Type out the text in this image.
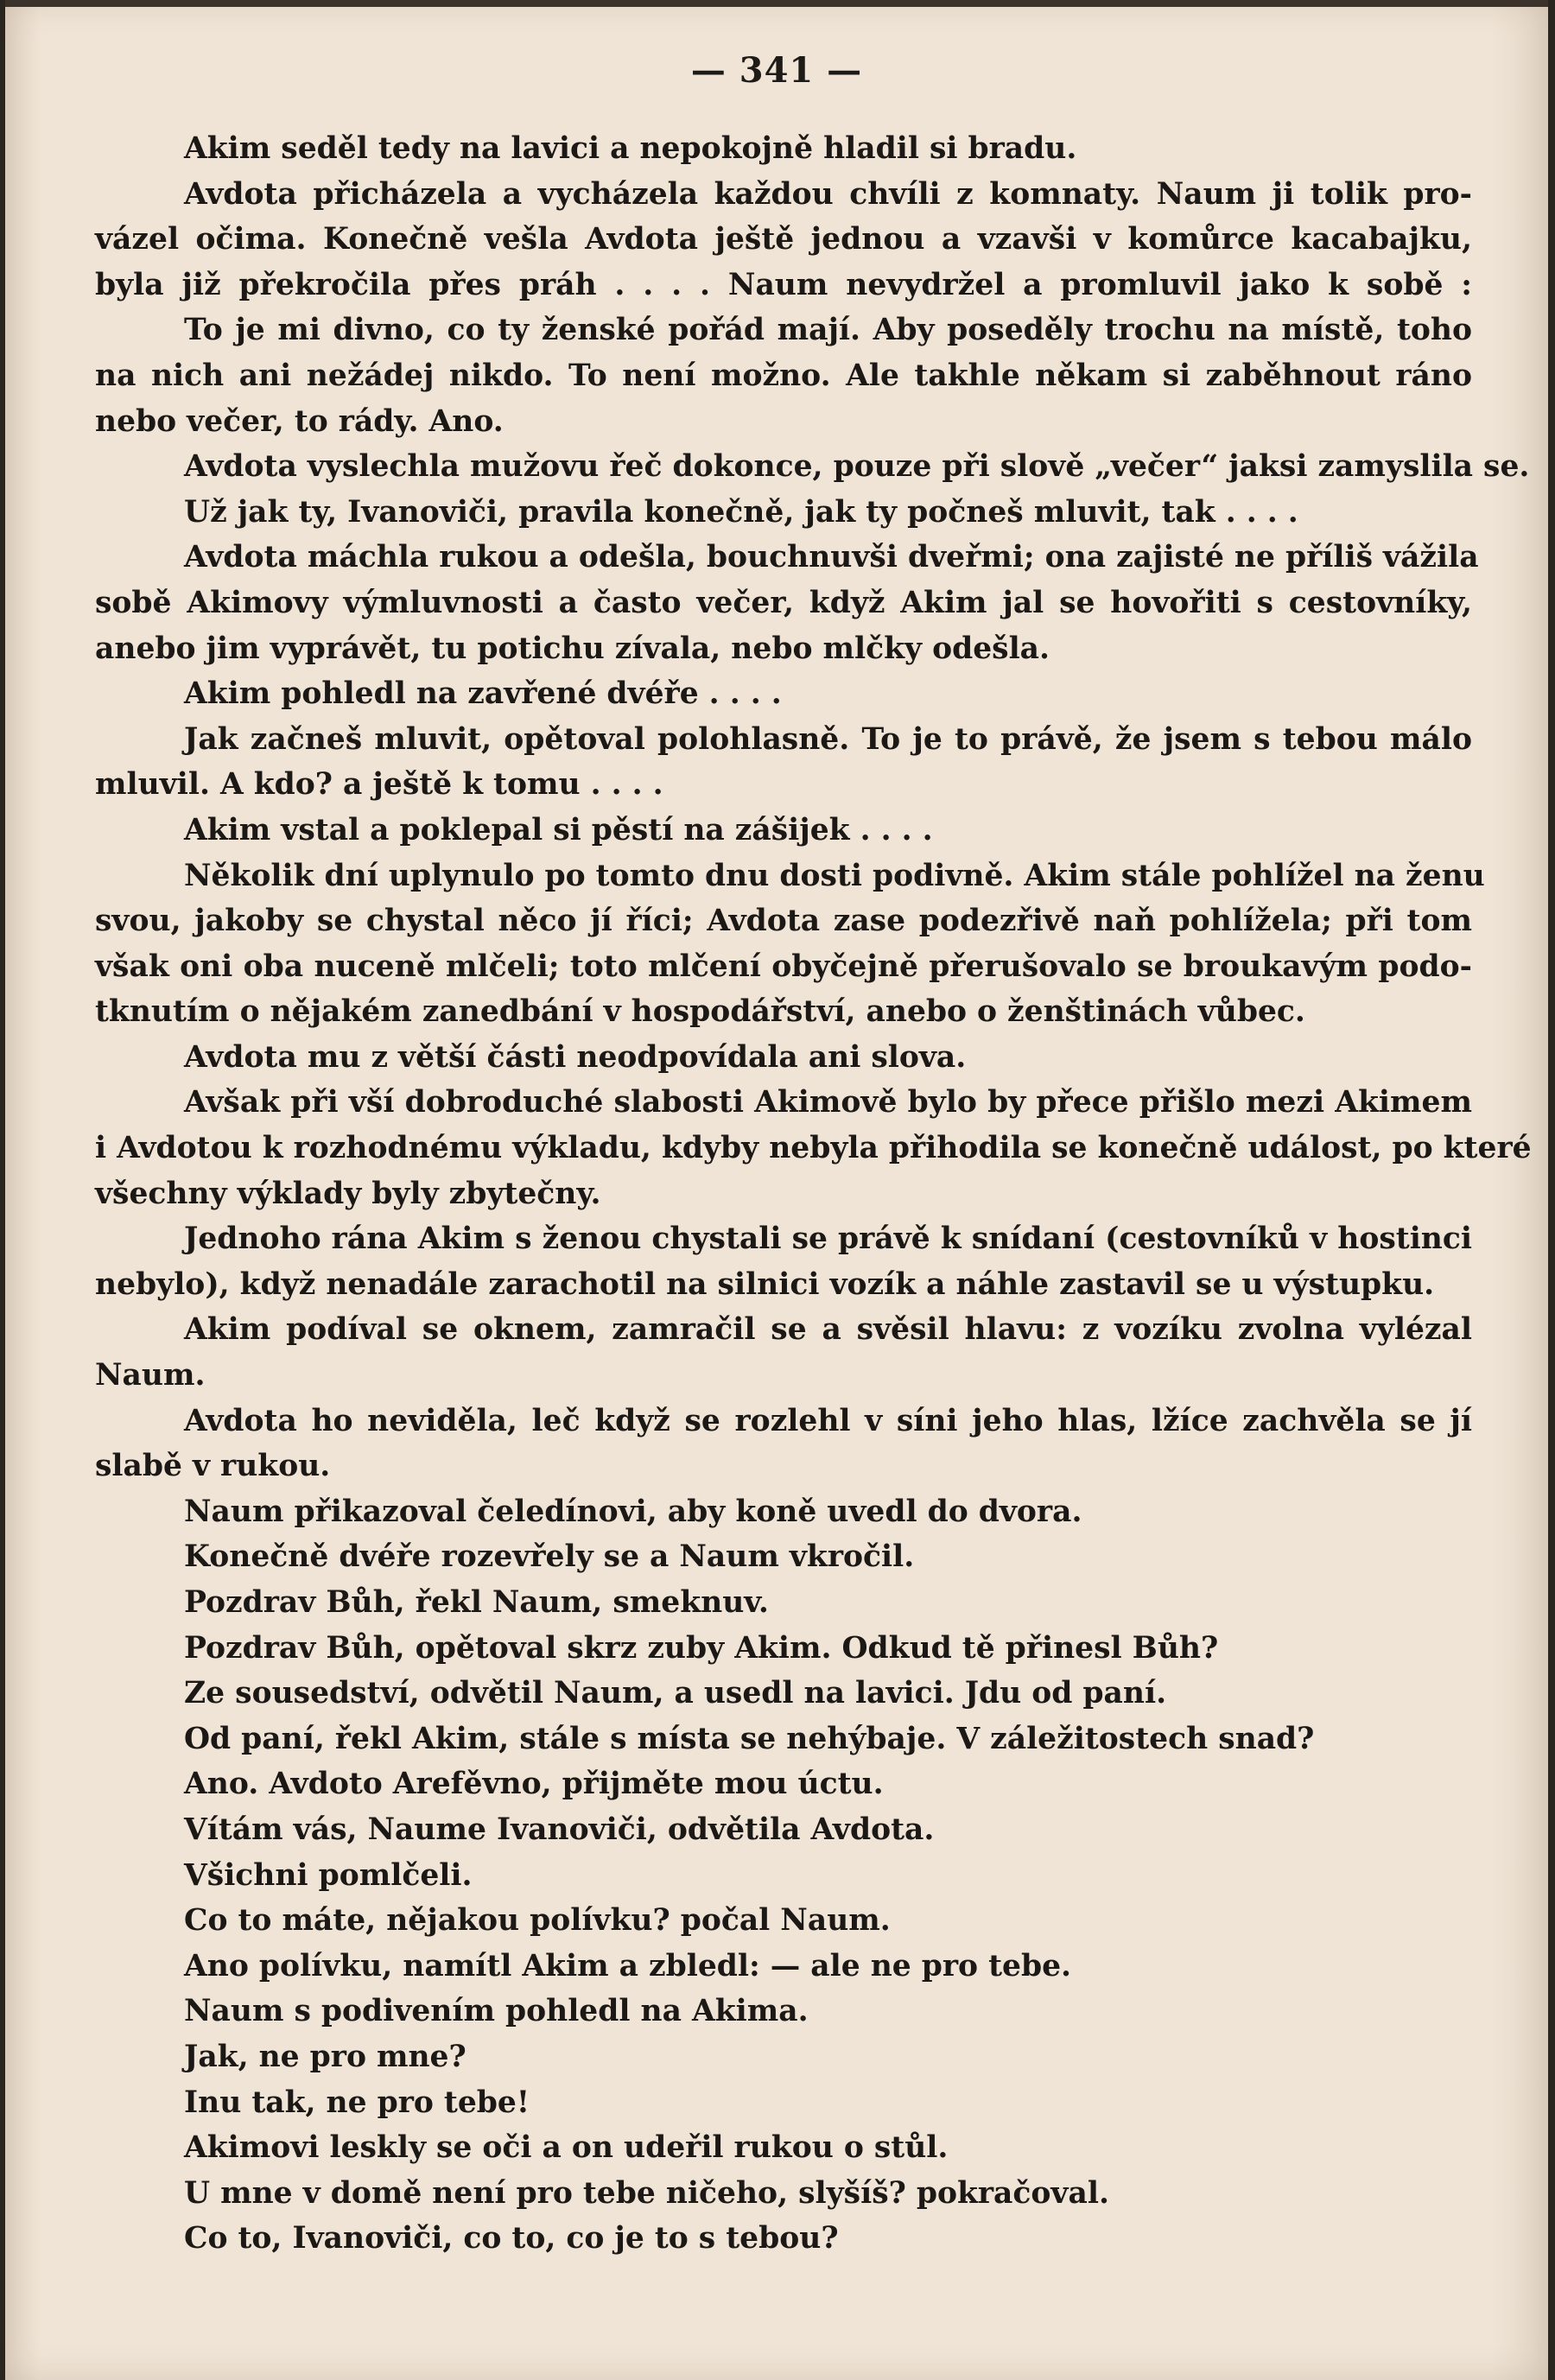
— 341 —
Akim seděl tedy na lavici a nepokojně hladil si bradu.
Avdota přicházela a vycházela každou chvíli z komnaty. Naum ji tolik pro-
vázel očima. Konečně vešla Avdota ještě jednou a vzavši v komůrce kacabajku,
byla již překročila přes práh . . . . Naum nevydržel a promluvil jako k sobě :
To je mi divno, co ty ženské pořád mají. Aby poseděly trochu na místě, toho
na nich ani nežádej nikdo. To není možno. Ale takhle někam si zaběhnout ráno
nebo večer, to rády. Ano.
Avdota vyslechla mužovu řeč dokonce, pouze při slově „večer“ jaksi zamyslila se.
Už jak ty, Ivanoviči, pravila konečně, jak ty počneš mluvit, tak . . . .
Avdota máchla rukou a odešla, bouchnuvši dveřmi; ona zajisté ne příliš vážila
sobě Akimovy výmluvnosti a často večer, když Akim jal se hovořiti s cestovníky,
anebo jim vyprávět, tu potichu zívala, nebo mlčky odešla.
Akim pohledl na zavřené dvéře . . . .
Jak začneš mluvit, opětoval polohlasně. To je to právě, že jsem s tebou málo
mluvil. A kdo? a ještě k tomu . . . .
Akim vstal a poklepal si pěstí na zášijek . . . .
Několik dní uplynulo po tomto dnu dosti podivně. Akim stále pohlížel na ženu
svou, jakoby se chystal něco jí říci; Avdota zase podezřivě naň pohlížela; při tom
však oni oba nuceně mlčeli; toto mlčení obyčejně přerušovalo se broukavým podo-
tknutím o nějakém zanedbání v hospodářství, anebo o ženštinách vůbec.
Avdota mu z větší části neodpovídala ani slova.
Avšak při vší dobroduché slabosti Akimově bylo by přece přišlo mezi Akimem
i Avdotou k rozhodnému výkladu, kdyby nebyla přihodila se konečně událost, po které
všechny výklady byly zbytečny.
Jednoho rána Akim s ženou chystali se právě k snídaní (cestovníků v hostinci
nebylo), když nenadále zarachotil na silnici vozík a náhle zastavil se u výstupku.
Akim podíval se oknem, zamračil se a svěsil hlavu: z vozíku zvolna vylézal
Naum.
Avdota ho neviděla, leč když se rozlehl v síni jeho hlas, lžíce zachvěla se jí
slabě v rukou.
Naum přikazoval čeledínovi, aby koně uvedl do dvora.
Konečně dvéře rozevřely se a Naum vkročil.
Pozdrav Bůh, řekl Naum, smeknuv.
Pozdrav Bůh, opětoval skrz zuby Akim. Odkud tě přinesl Bůh?
Ze sousedství, odvětil Naum, a usedl na lavici. Jdu od paní.
Od paní, řekl Akim, stále s místa se nehýbaje. V záležitostech snad?
Ano. Avdoto Arefěvno, přijměte mou úctu.
Vítám vás, Naume Ivanoviči, odvětila Avdota.
Všichni pomlčeli.
Co to máte, nějakou polívku? počal Naum.
Ano polívku, namítl Akim a zbledl: — ale ne pro tebe.
Naum s podivením pohledl na Akima.
Jak, ne pro mne?
Inu tak, ne pro tebe!
Akimovi leskly se oči a on udeřil rukou o stůl.
U mne v domě není pro tebe ničeho, slyšíš? pokračoval.
Co to, Ivanoviči, co to, co je to s tebou?
